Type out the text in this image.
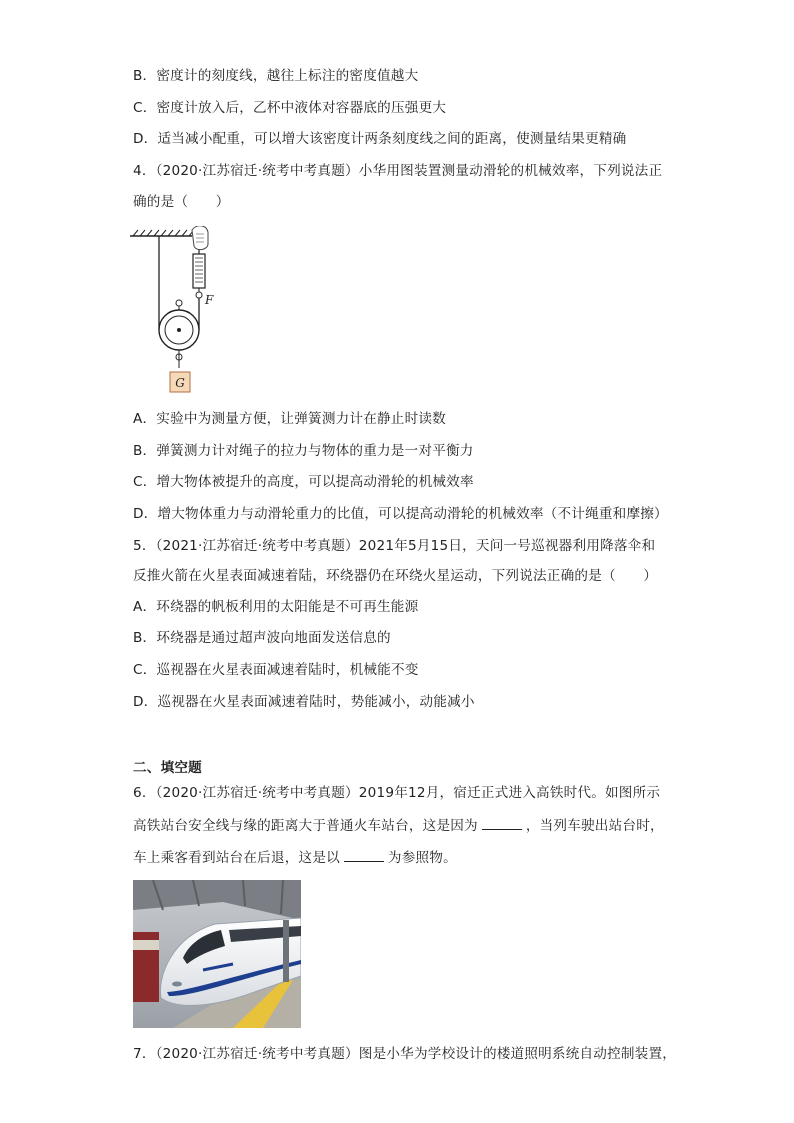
B．密度计的刻度线，越往上标注的密度值越大
C．密度计放入后，乙杯中液体对容器底的压强更大
D．适当减小配重，可以增大该密度计两条刻度线之间的距离，使测量结果更精确
4．（2020·江苏宿迁·统考中考真题）小华用图装置测量动滑轮的机械效率，下列说法正
确的是（　　）
F
G
A．实验中为测量方便，让弹簧测力计在静止时读数
B．弹簧测力计对绳子的拉力与物体的重力是一对平衡力
C．增大物体被提升的高度，可以提高动滑轮的机械效率
D．增大物体重力与动滑轮重力的比值，可以提高动滑轮的机械效率（不计绳重和摩擦）
5．（2021·江苏宿迁·统考中考真题）2021年5月15日，天问一号巡视器利用降落伞和
反推火箭在火星表面减速着陆，环绕器仍在环绕火星运动，下列说法正确的是（　　）
A．环绕器的帆板利用的太阳能是不可再生能源
B．环绕器是通过超声波向地面发送信息的
C．巡视器在火星表面减速着陆时，机械能不变
D．巡视器在火星表面减速着陆时，势能减小，动能减小
二、填空题
6．（2020·江苏宿迁·统考中考真题）2019年12月，宿迁正式进入高铁时代。如图所示
高铁站台安全线与缘的距离大于普通火车站台，这是因为	，当列车驶出站台时，
车上乘客看到站台在后退，这是以	为参照物。
7．（2020·江苏宿迁·统考中考真题）图是小华为学校设计的楼道照明系统自动控制装置，
